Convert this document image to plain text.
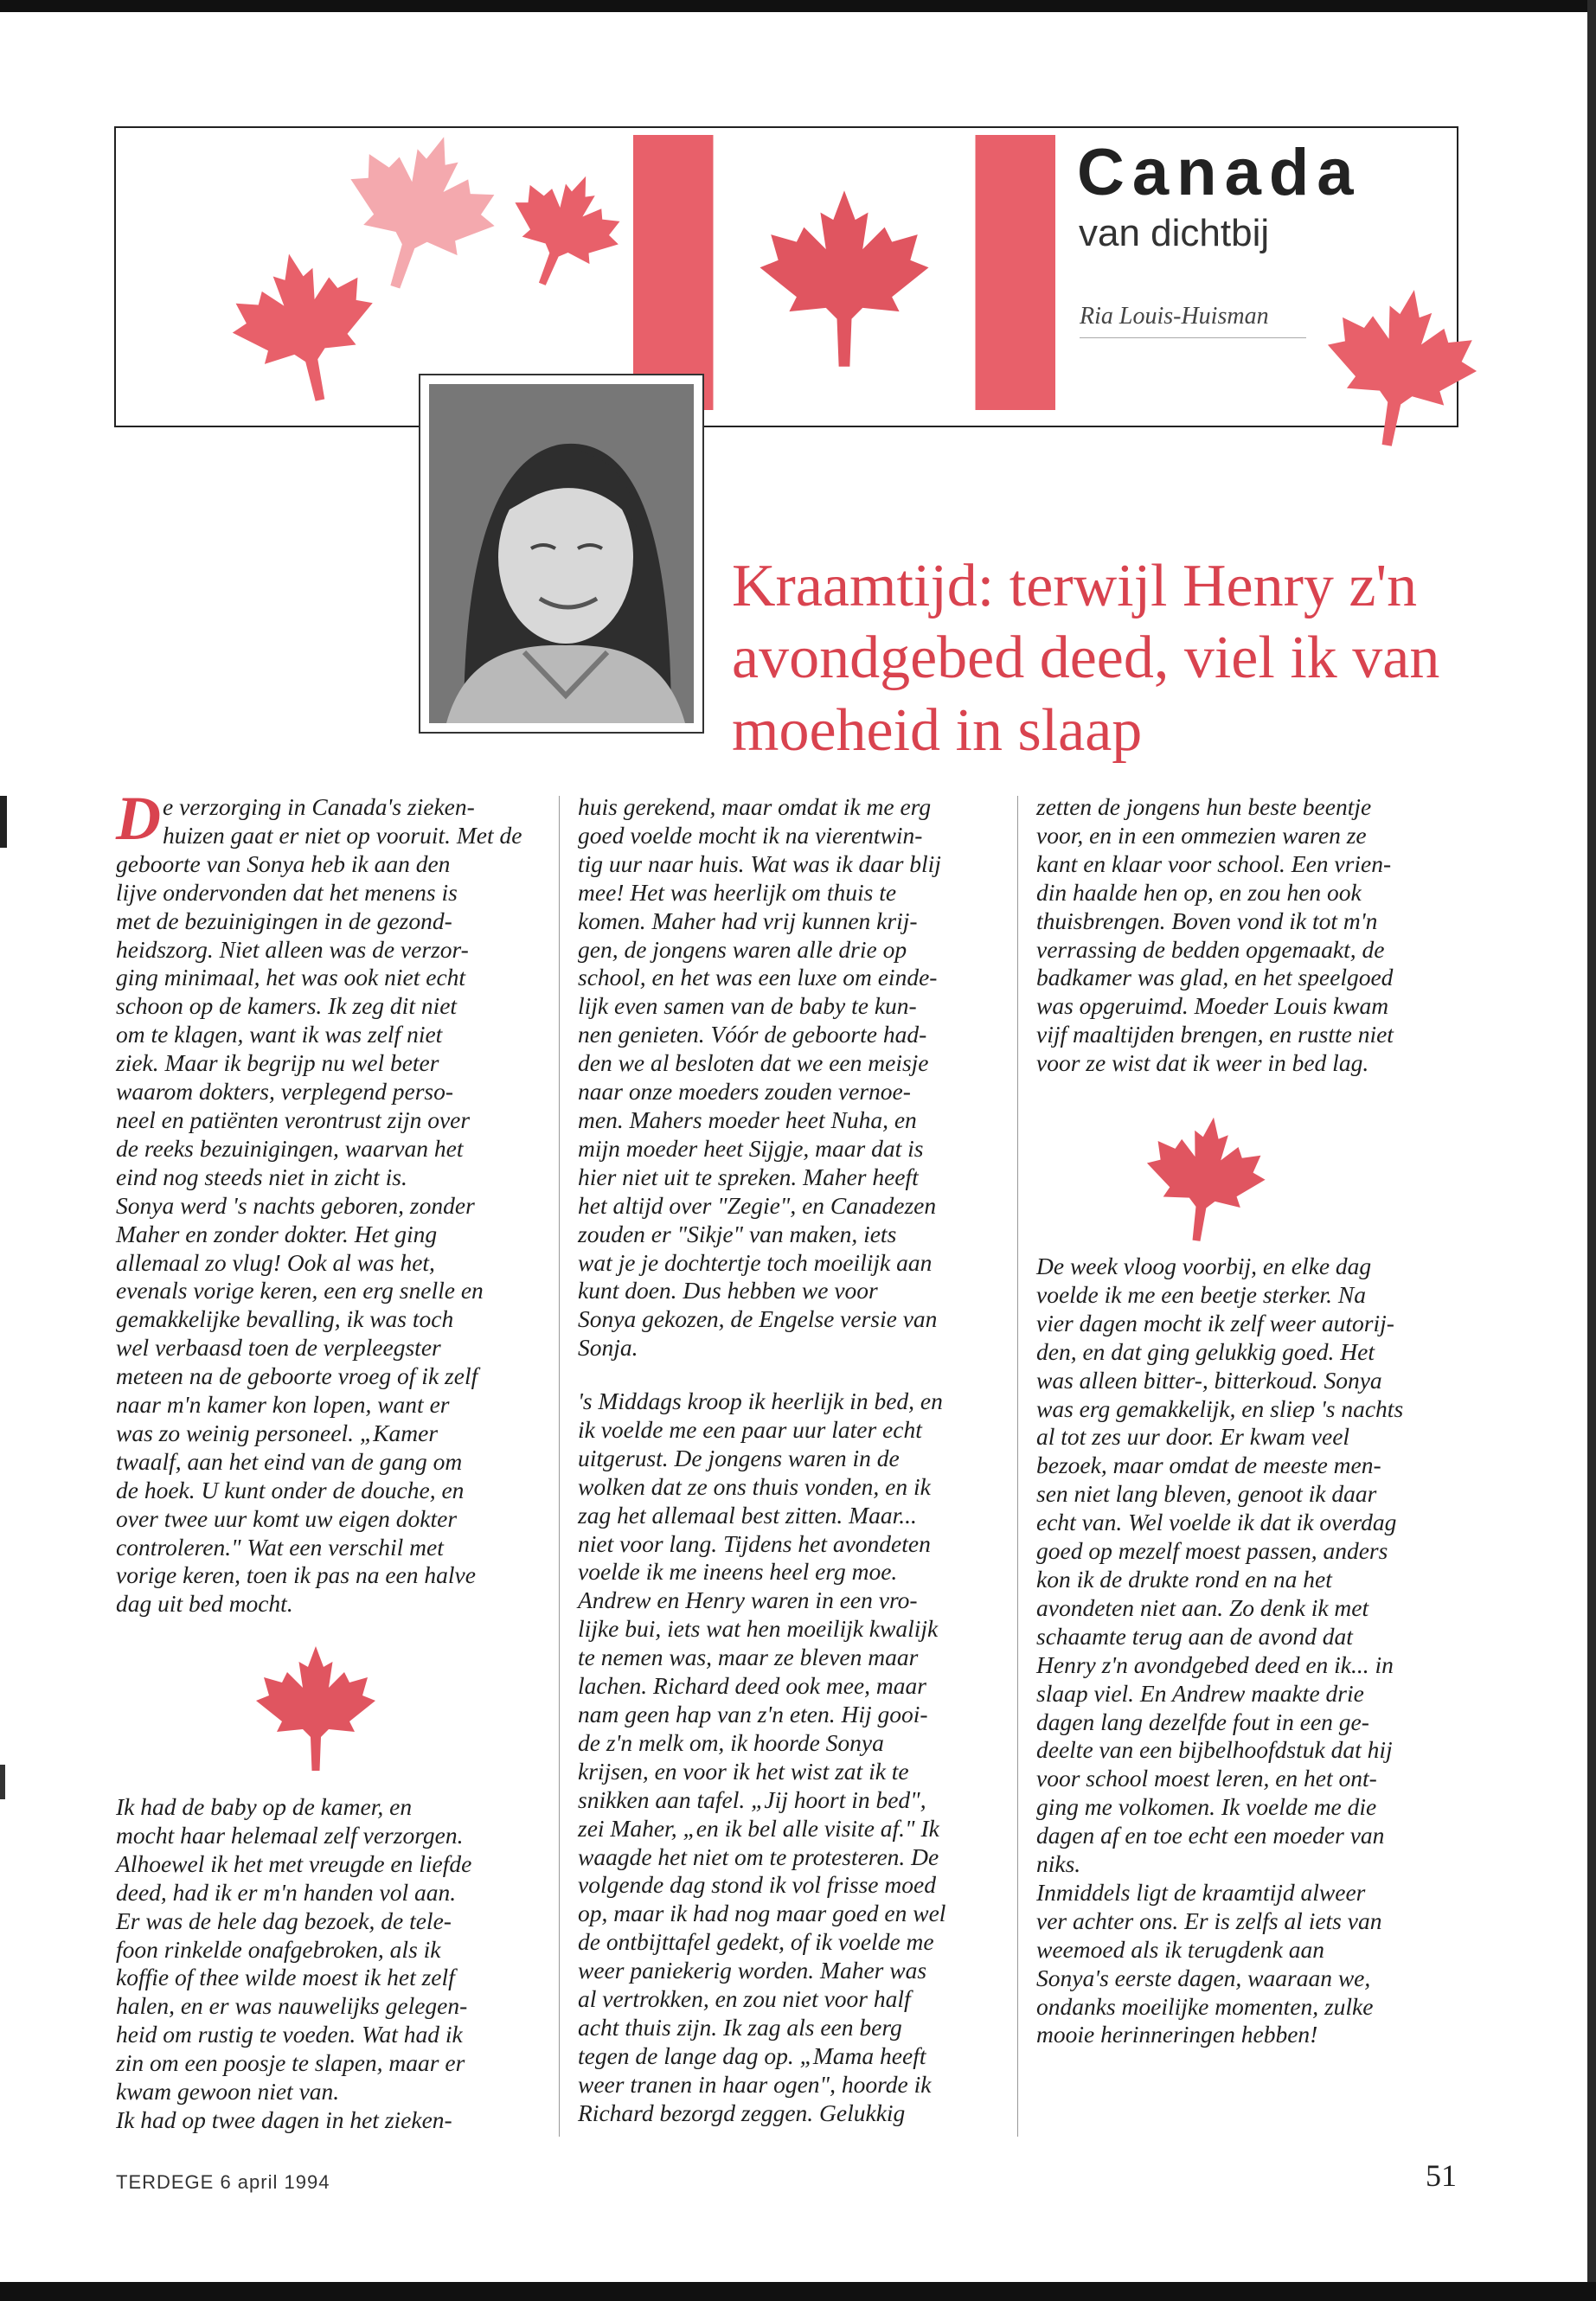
Canada
van dichtbij
Ria Louis-Huisman
Kraamtijd: terwijl Henry z'n avondgebed deed, viel ik van moeheid in slaap
D e verzorging in Canada's zieken-

huizen gaat er niet op vooruit. Met de

geboorte van Sonya heb ik aan den

lijve ondervonden dat het menens is

met de bezuinigingen in de gezond-

heidszorg. Niet alleen was de verzor-

ging minimaal, het was ook niet echt

schoon op de kamers. Ik zeg dit niet

om te klagen, want ik was zelf niet

ziek. Maar ik begrijp nu wel beter

waarom dokters, verplegend perso-

neel en patiënten verontrust zijn over

de reeks bezuinigingen, waarvan het

eind nog steeds niet in zicht is.

Sonya werd 's nachts geboren, zonder

Maher en zonder dokter. Het ging

allemaal zo vlug! Ook al was het,

evenals vorige keren, een erg snelle en

gemakkelijke bevalling, ik was toch

wel verbaasd toen de verpleegster

meteen na de geboorte vroeg of ik zelf

naar m'n kamer kon lopen, want er

was zo weinig personeel. „Kamer

twaalf, aan het eind van de gang om

de hoek. U kunt onder de douche, en

over twee uur komt uw eigen dokter

controleren." Wat een verschil met

vorige keren, toen ik pas na een halve

dag uit bed mocht.

Ik had de baby op de kamer, en

mocht haar helemaal zelf verzorgen.

Alhoewel ik het met vreugde en liefde

deed, had ik er m'n handen vol aan.

Er was de hele dag bezoek, de tele-

foon rinkelde onafgebroken, als ik

koffie of thee wilde moest ik het zelf

halen, en er was nauwelijks gelegen-

heid om rustig te voeden. Wat had ik

zin om een poosje te slapen, maar er

kwam gewoon niet van.

Ik had op twee dagen in het zieken-

huis gerekend, maar omdat ik me erg

goed voelde mocht ik na vierentwin-

tig uur naar huis. Wat was ik daar blij

mee! Het was heerlijk om thuis te

komen. Maher had vrij kunnen krij-

gen, de jongens waren alle drie op

school, en het was een luxe om einde-

lijk even samen van de baby te kun-

nen genieten. Vóór de geboorte had-

den we al besloten dat we een meisje

naar onze moeders zouden vernoe-

men. Mahers moeder heet Nuha, en

mijn moeder heet Sijgje, maar dat is

hier niet uit te spreken. Maher heeft

het altijd over "Zegie", en Canadezen

zouden er "Sikje" van maken, iets

wat je je dochtertje toch moeilijk aan

kunt doen. Dus hebben we voor

Sonya gekozen, de Engelse versie van

Sonja.

's Middags kroop ik heerlijk in bed, en

ik voelde me een paar uur later echt

uitgerust. De jongens waren in de

wolken dat ze ons thuis vonden, en ik

zag het allemaal best zitten. Maar...

niet voor lang. Tijdens het avondeten

voelde ik me ineens heel erg moe.

Andrew en Henry waren in een vro-

lijke bui, iets wat hen moeilijk kwalijk

te nemen was, maar ze bleven maar

lachen. Richard deed ook mee, maar

nam geen hap van z'n eten. Hij gooi-

de z'n melk om, ik hoorde Sonya

krijsen, en voor ik het wist zat ik te

snikken aan tafel. „Jij hoort in bed",

zei Maher, „en ik bel alle visite af." Ik

waagde het niet om te protesteren. De

volgende dag stond ik vol frisse moed

op, maar ik had nog maar goed en wel

de ontbijttafel gedekt, of ik voelde me

weer paniekerig worden. Maher was

al vertrokken, en zou niet voor half

acht thuis zijn. Ik zag als een berg

tegen de lange dag op. „Mama heeft

weer tranen in haar ogen", hoorde ik

Richard bezorgd zeggen. Gelukkig

zetten de jongens hun beste beentje

voor, en in een ommezien waren ze

kant en klaar voor school. Een vrien-

din haalde hen op, en zou hen ook

thuisbrengen. Boven vond ik tot m'n

verrassing de bedden opgemaakt, de

badkamer was glad, en het speelgoed

was opgeruimd. Moeder Louis kwam

vijf maaltijden brengen, en rustte niet

voor ze wist dat ik weer in bed lag.

De week vloog voorbij, en elke dag

voelde ik me een beetje sterker. Na

vier dagen mocht ik zelf weer autorij-

den, en dat ging gelukkig goed. Het

was alleen bitter-, bitterkoud. Sonya

was erg gemakkelijk, en sliep 's nachts

al tot zes uur door. Er kwam veel

bezoek, maar omdat de meeste men-

sen niet lang bleven, genoot ik daar

echt van. Wel voelde ik dat ik overdag

goed op mezelf moest passen, anders

kon ik de drukte rond en na het

avondeten niet aan. Zo denk ik met

schaamte terug aan de avond dat

Henry z'n avondgebed deed en ik... in

slaap viel. En Andrew maakte drie

dagen lang dezelfde fout in een ge-

deelte van een bijbelhoofdstuk dat hij

voor school moest leren, en het ont-

ging me volkomen. Ik voelde me die

dagen af en toe echt een moeder van

niks.

Inmiddels ligt de kraamtijd alweer

ver achter ons. Er is zelfs al iets van

weemoed als ik terugdenk aan

Sonya's eerste dagen, waaraan we,

ondanks moeilijke momenten, zulke

mooie herinneringen hebben!

TERDEGE 6 april 1994	51
